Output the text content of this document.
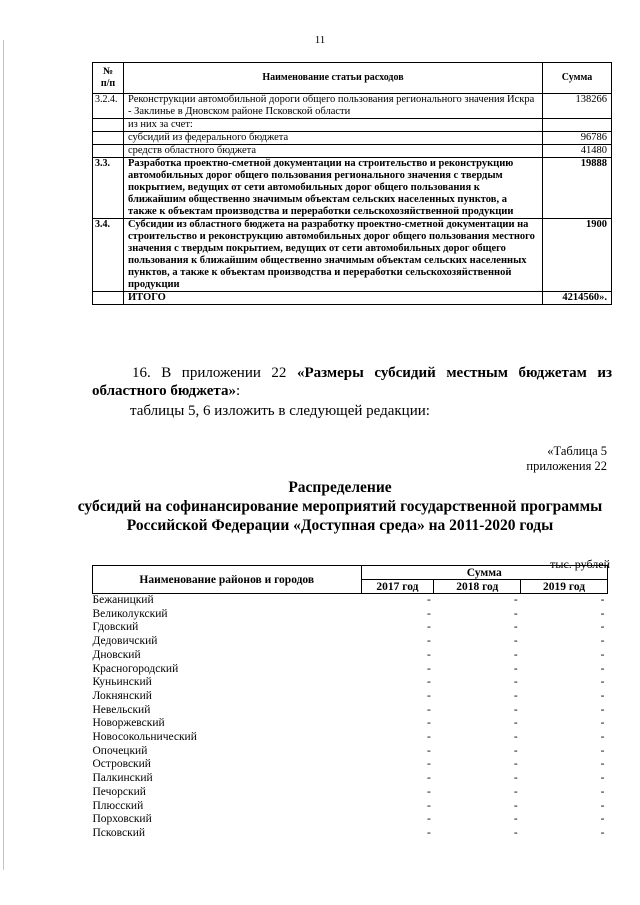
11
№
п/п	Наименование статьи расходов	Сумма
3.2.4.	Реконструкции автомобильной дороги общего пользования регионального значения Искра - Заклинье в Дновском районе Псковской области	138266
	из них за счет:	
	субсидий из федерального бюджета	96786
	средств областного бюджета	41480
3.3.	Разработка проектно-сметной документации на строительство и реконструкцию автомобильных дорог общего пользования регионального значения с твердым покрытием, ведущих от сети автомобильных дорог общего пользования к ближайшим общественно значимым объектам сельских населенных пунктов, а также к объектам производства и переработки сельскохозяйственной продукции	19888
3.4.	Субсидии из областного бюджета на разработку проектно-сметной документации на строительство и реконструкцию автомобильных дорог общего пользования местного значения с твердым покрытием, ведущих от сети автомобильных дорог общего пользования к ближайшим общественно значимым объектам сельских населенных пунктов, а также к объектам производства и переработки сельскохозяйственной продукции	1900
	ИТОГО	4214560».
16. В приложении 22 «Размеры субсидий местным бюджетам из областного бюджета»:
таблицы 5, 6 изложить в следующей редакции:
«Таблица 5
приложения 22
Распределение
субсидий на софинансирование мероприятий государственной программы
Российской Федерации «Доступная среда» на 2011-2020 годы
тыс. рублей
Наименование районов и городов	Сумма		
	2017 год	2018 год	2019 год
Бежаницкий	-	-	-
Великолукский	-	-	-
Гдовский	-	-	-
Дедовичский	-	-	-
Дновский	-	-	-
Красногородский	-	-	-
Куньинский	-	-	-
Локнянский	-	-	-
Невельский	-	-	-
Новоржевский	-	-	-
Новосокольнический	-	-	-
Опочецкий	-	-	-
Островский	-	-	-
Палкинский	-	-	-
Печорский	-	-	-
Плюсский	-	-	-
Порховский	-	-	-
Псковский	-	-	-
